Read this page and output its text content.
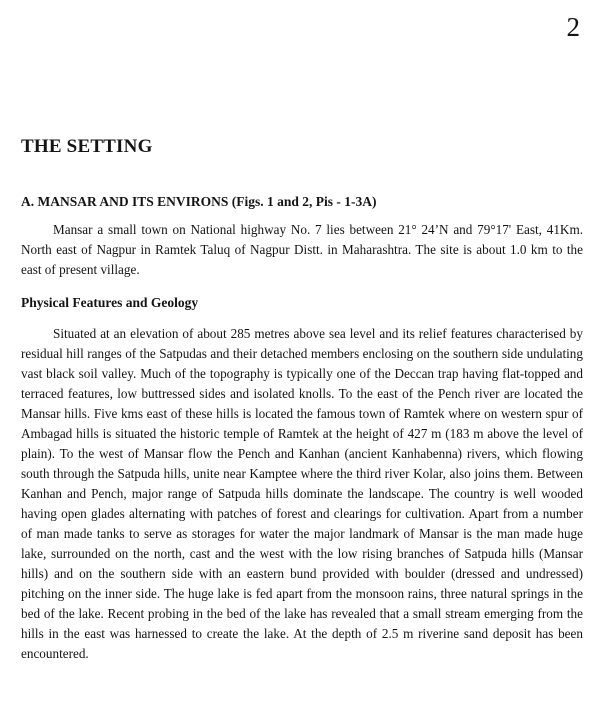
2
THE SETTING
A. MANSAR AND ITS ENVIRONS (Figs. 1 and 2, Pis - 1-3A)

Mansar a small town on National highway No. 7 lies between 21° 24’N and 79°17' East, 41Km. North east of Nagpur in Ramtek Taluq of Nagpur Distt. in Maharashtra. The site is about 1.0 km to the east of present village.

Physical Features and Geology

Situated at an elevation of about 285 metres above sea level and its relief features characterised by residual hill ranges of the Satpudas and their detached members enclosing on the southern side undulating vast black soil valley. Much of the topography is typically one of the Deccan trap having flat-topped and terraced features, low buttressed sides and isolated knolls. To the east of the Pench river are located the Mansar hills. Five kms east of these hills is located the famous town of Ramtek where on western spur of Ambagad hills is situated the historic temple of Ramtek at the height of 427 m (183 m above the level of plain). To the west of Mansar flow the Pench and Kanhan (ancient Kanhabenna) rivers, which flowing south through the Satpuda hills, unite near Kamptee where the third river Kolar, also joins them. Between Kanhan and Pench, major range of Satpuda hills dominate the landscape. The country is well wooded having open glades alternating with patches of forest and clearings for cultivation. Apart from a number of man made tanks to serve as storages for water the major landmark of Mansar is the man made huge lake, surrounded on the north, cast and the west with the low rising branches of Satpuda hills (Mansar hills) and on the southern side with an eastern bund provided with boulder (dressed and undressed) pitching on the inner side. The huge lake is fed apart from the monsoon rains, three natural springs in the bed of the lake. Recent probing in the bed of the lake has revealed that a small stream emerging from the hills in the east was harnessed to create the lake. At the depth of 2.5 m riverine sand deposit has been encountered.
